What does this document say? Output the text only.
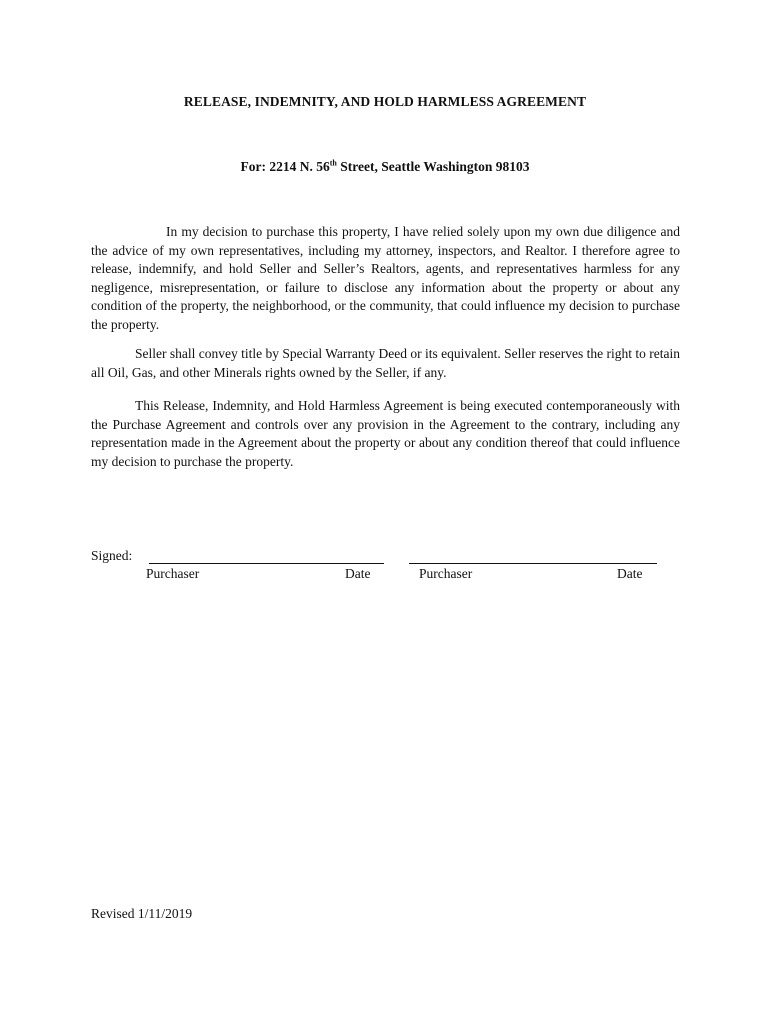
RELEASE, INDEMNITY, AND HOLD HARMLESS AGREEMENT
For: 2214 N. 56th Street, Seattle Washington 98103
In my decision to purchase this property, I have relied solely upon my own due diligence and the advice of my own representatives, including my attorney, inspectors, and Realtor. I therefore agree to release, indemnify, and hold Seller and Seller’s Realtors, agents, and representatives harmless for any negligence, misrepresentation, or failure to disclose any information about the property or about any condition of the property, the neighborhood, or the community, that could influence my decision to purchase the property.
Seller shall convey title by Special Warranty Deed or its equivalent. Seller reserves the right to retain all Oil, Gas, and other Minerals rights owned by the Seller, if any.
This Release, Indemnity, and Hold Harmless Agreement is being executed contemporaneously with the Purchase Agreement and controls over any provision in the Agreement to the contrary, including any representation made in the Agreement about the property or about any condition thereof that could influence my decision to purchase the property.
Signed:
Purchaser	Date	Purchaser	Date
Revised 1/11/2019
